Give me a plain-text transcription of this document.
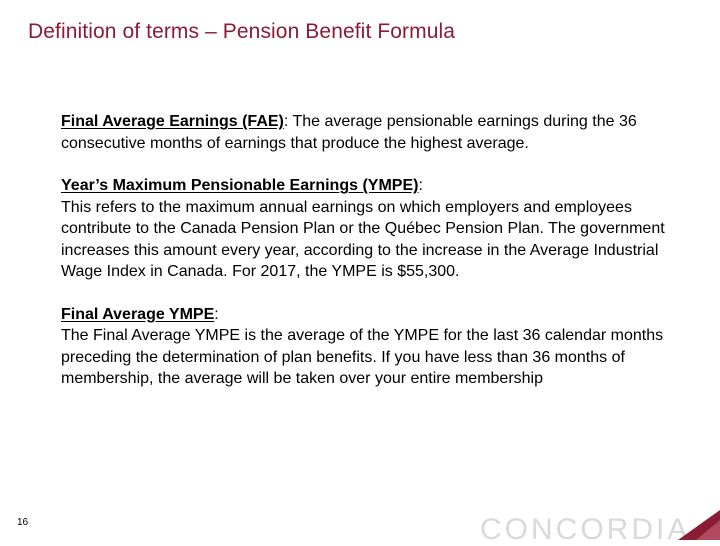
Definition of terms – Pension Benefit Formula

Final Average Earnings (FAE): The average pensionable earnings during the 36 consecutive months of earnings that produce the highest average.

Year’s Maximum Pensionable Earnings (YMPE):

This refers to the maximum annual earnings on which employers and employees contribute to the Canada Pension Plan or the Québec Pension Plan. The government increases this amount every year, according to the increase in the Average Industrial Wage Index in Canada. For 2017, the YMPE is $55,300.

Final Average YMPE:

The Final Average YMPE is the average of the YMPE for the last 36 calendar months preceding the determination of plan benefits. If you have less than 36 months of membership, the average will be taken over your entire membership

16	CONCORDIA
